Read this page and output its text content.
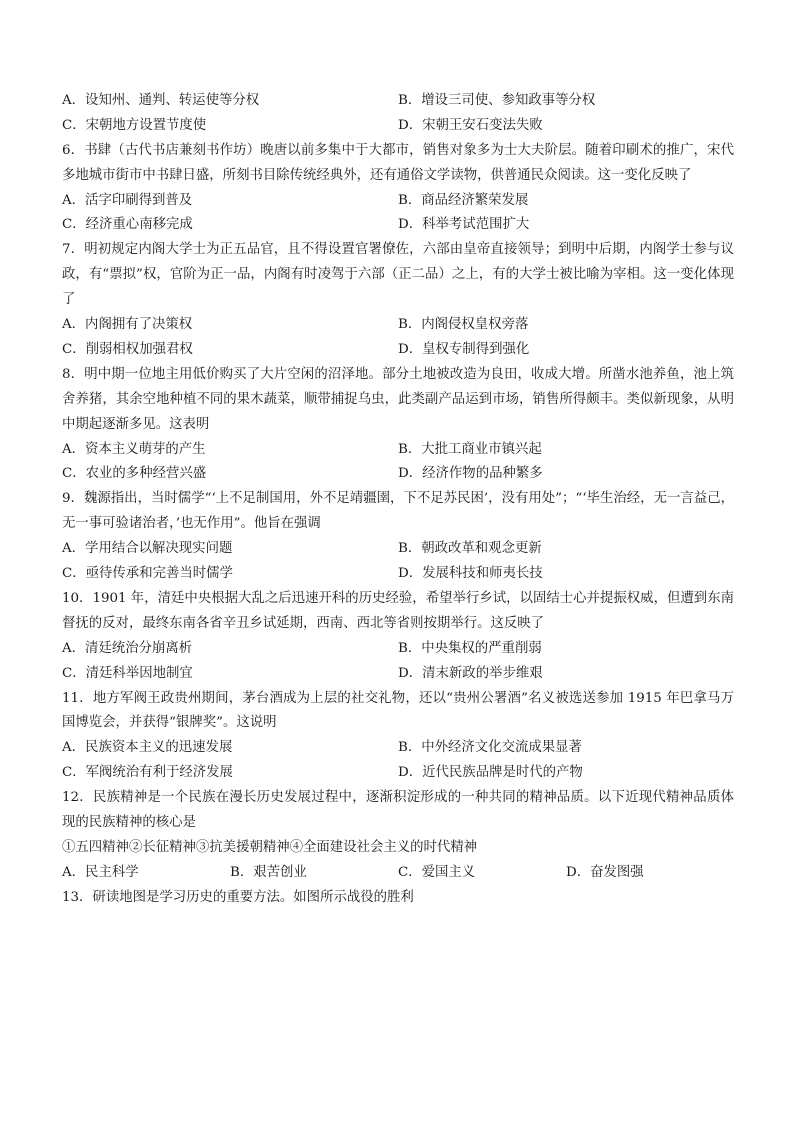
A．设知州、通判、转运使等分权	B．增设三司使、参知政事等分权
C．宋朝地方设置节度使	D．宋朝王安石变法失败
6．书肆（古代书店兼刻书作坊）晚唐以前多集中于大都市，销售对象多为士大夫阶层。随着印刷术的推广，宋代多地城市街市中书肆日盛，所刻书目除传统经典外，还有通俗文学读物，供普通民众阅读。这一变化反映了
A．活字印刷得到普及	B．商品经济繁荣发展
C．经济重心南移完成	D．科举考试范围扩大
7．明初规定内阁大学士为正五品官，且不得设置官署僚佐，六部由皇帝直接领导；到明中后期，内阁学士参与议政，有“票拟”权，官阶为正一品，内阁有时凌驾于六部（正二品）之上，有的大学士被比喻为宰相。这一变化体现了
A．内阁拥有了决策权	B．内阁侵权皇权旁落
C．削弱相权加强君权	D．皇权专制得到强化
8．明中期一位地主用低价购买了大片空闲的沼泽地。部分土地被改造为良田，收成大增。所凿水池养鱼，池上筑舍养猪，其余空地种植不同的果木蔬菜，顺带捕捉乌虫，此类副产品运到市场，销售所得颇丰。类似新现象，从明中期起逐渐多见。这表明
A．资本主义萌芽的产生	B．大批工商业市镇兴起
C．农业的多种经营兴盛	D．经济作物的品种繁多
9．魏源指出，当时儒学“‘上不足制国用，外不足靖疆圉，下不足苏民困’，没有用处”；“‘毕生治经，无一言益己，无一事可验诸治者，’也无作用”。他旨在强调
A．学用结合以解决现实问题	B．朝政改革和观念更新
C．亟待传承和完善当时儒学	D．发展科技和师夷长技
10．1901 年，清廷中央根据大乱之后迅速开科的历史经验，希望举行乡试，以固结士心并提振权威，但遭到东南督抚的反对，最终东南各省辛丑乡试延期，西南、西北等省则按期举行。这反映了
A．清廷统治分崩离析	B．中央集权的严重削弱
C．清廷科举因地制宜	D．清末新政的举步维艰
11．地方军阀王政贵州期间，茅台酒成为上层的社交礼物，还以“贵州公署酒”名义被选送参加 1915 年巴拿马万国博览会，并获得“银牌奖”。这说明
A．民族资本主义的迅速发展	B．中外经济文化交流成果显著
C．军阀统治有利于经济发展	D．近代民族品牌是时代的产物
12．民族精神是一个民族在漫长历史发展过程中，逐渐积淀形成的一种共同的精神品质。以下近现代精神品质体现的民族精神的核心是
①五四精神②长征精神③抗美援朝精神④全面建设社会主义的时代精神
A．民主科学	B．艰苦创业	C．爱国主义	D．奋发图强
13．研读地图是学习历史的重要方法。如图所示战役的胜利
